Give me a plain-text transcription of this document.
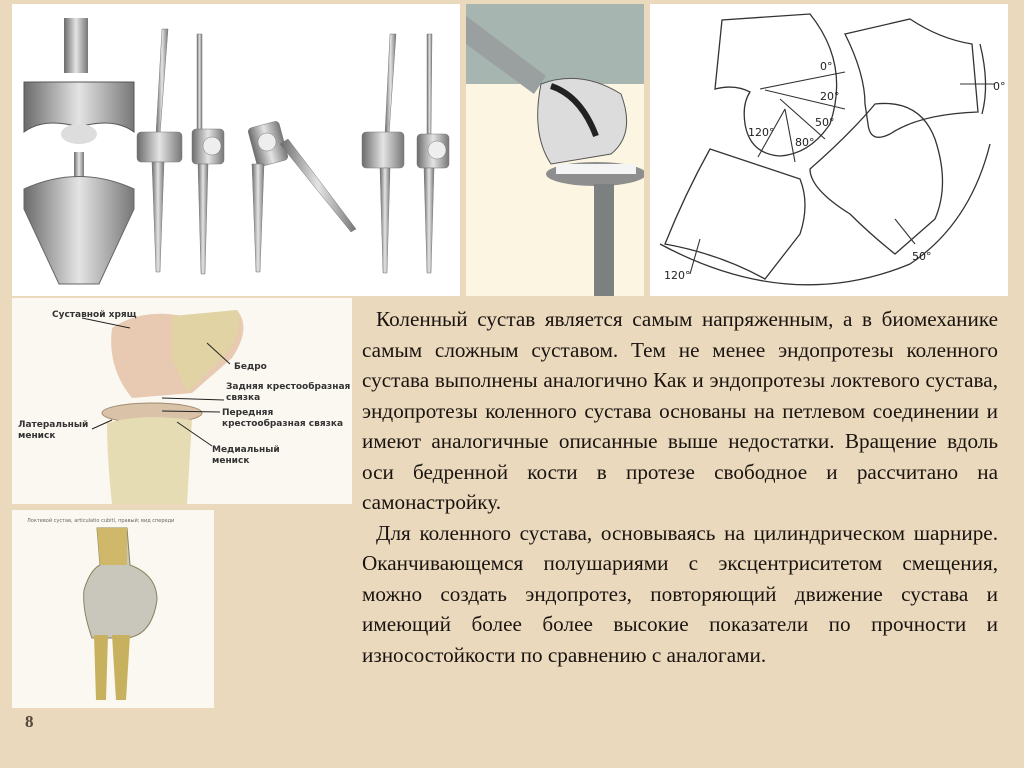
0°
20°
50°
80°
120°
0°
50°
120°
Суставной хрящ
Бедро
Задняя крестообразная связка
Передняя крестообразная связка
Латеральный мениск
Медиальный мениск
Локтевой сустав, articulatio cubiti, правый; вид спереди

Коленный сустав является самым напряженным, а в биомеханике самым сложным суставом. Тем не менее эндопротезы коленного сустава выполнены аналогично Как и эндопротезы локтевого сустава, эндопротезы коленного сустава основаны на петлевом соединении и имеют аналогичные описанные выше недостатки. Вращение вдоль оси бедренной кости в протезе свободное и рассчитано на самонастройку.

Для коленного сустава, основываясь на цилиндрическом шарнире. Оканчивающемся полушариями с эксцентриситетом смещения, можно создать эндопротез, повторяющий движение сустава и имеющий более более высокие показатели по прочности и износостойкости по сравнению с аналогами.

8
